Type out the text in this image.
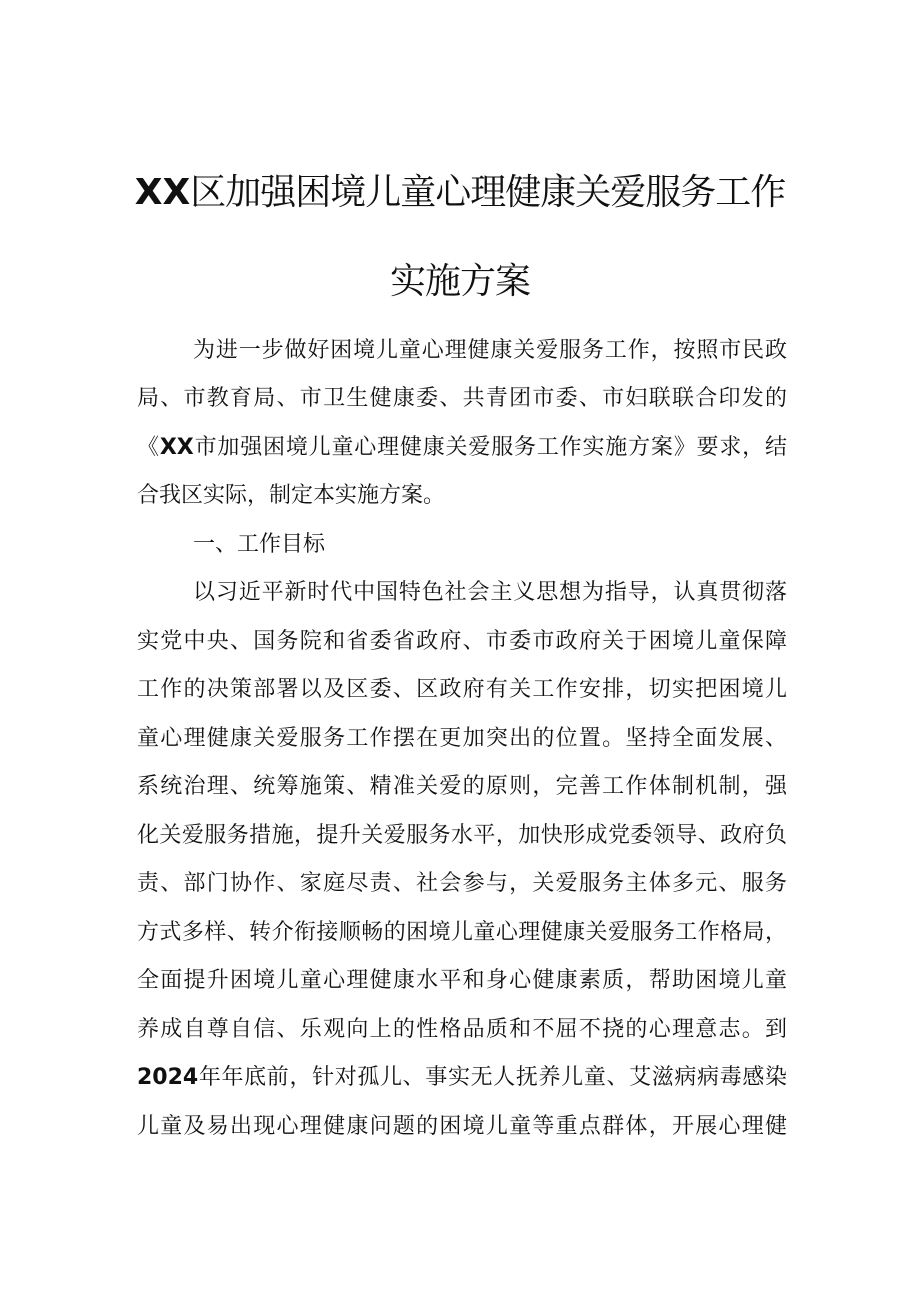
XX区加强困境儿童心理健康关爱服务工作
实施方案
为进一步做好困境儿童心理健康关爱服务工作，按照市民政
局、市教育局、市卫生健康委、共青团市委、市妇联联合印发的
《XX市加强困境儿童心理健康关爱服务工作实施方案》要求，结
合我区实际，制定本实施方案。
一、工作目标
以习近平新时代中国特色社会主义思想为指导，认真贯彻落
实党中央、国务院和省委省政府、市委市政府关于困境儿童保障
工作的决策部署以及区委、区政府有关工作安排，切实把困境儿
童心理健康关爱服务工作摆在更加突出的位置。坚持全面发展、
系统治理、统筹施策、精准关爱的原则，完善工作体制机制，强
化关爱服务措施，提升关爱服务水平，加快形成党委领导、政府负
责、部门协作、家庭尽责、社会参与，关爱服务主体多元、服务
方式多样、转介衔接顺畅的困境儿童心理健康关爱服务工作格局，
全面提升困境儿童心理健康水平和身心健康素质，帮助困境儿童
养成自尊自信、乐观向上的性格品质和不屈不挠的心理意志。到
2024年年底前，针对孤儿、事实无人抚养儿童、艾滋病病毒感染
儿童及易出现心理健康问题的困境儿童等重点群体，开展心理健
